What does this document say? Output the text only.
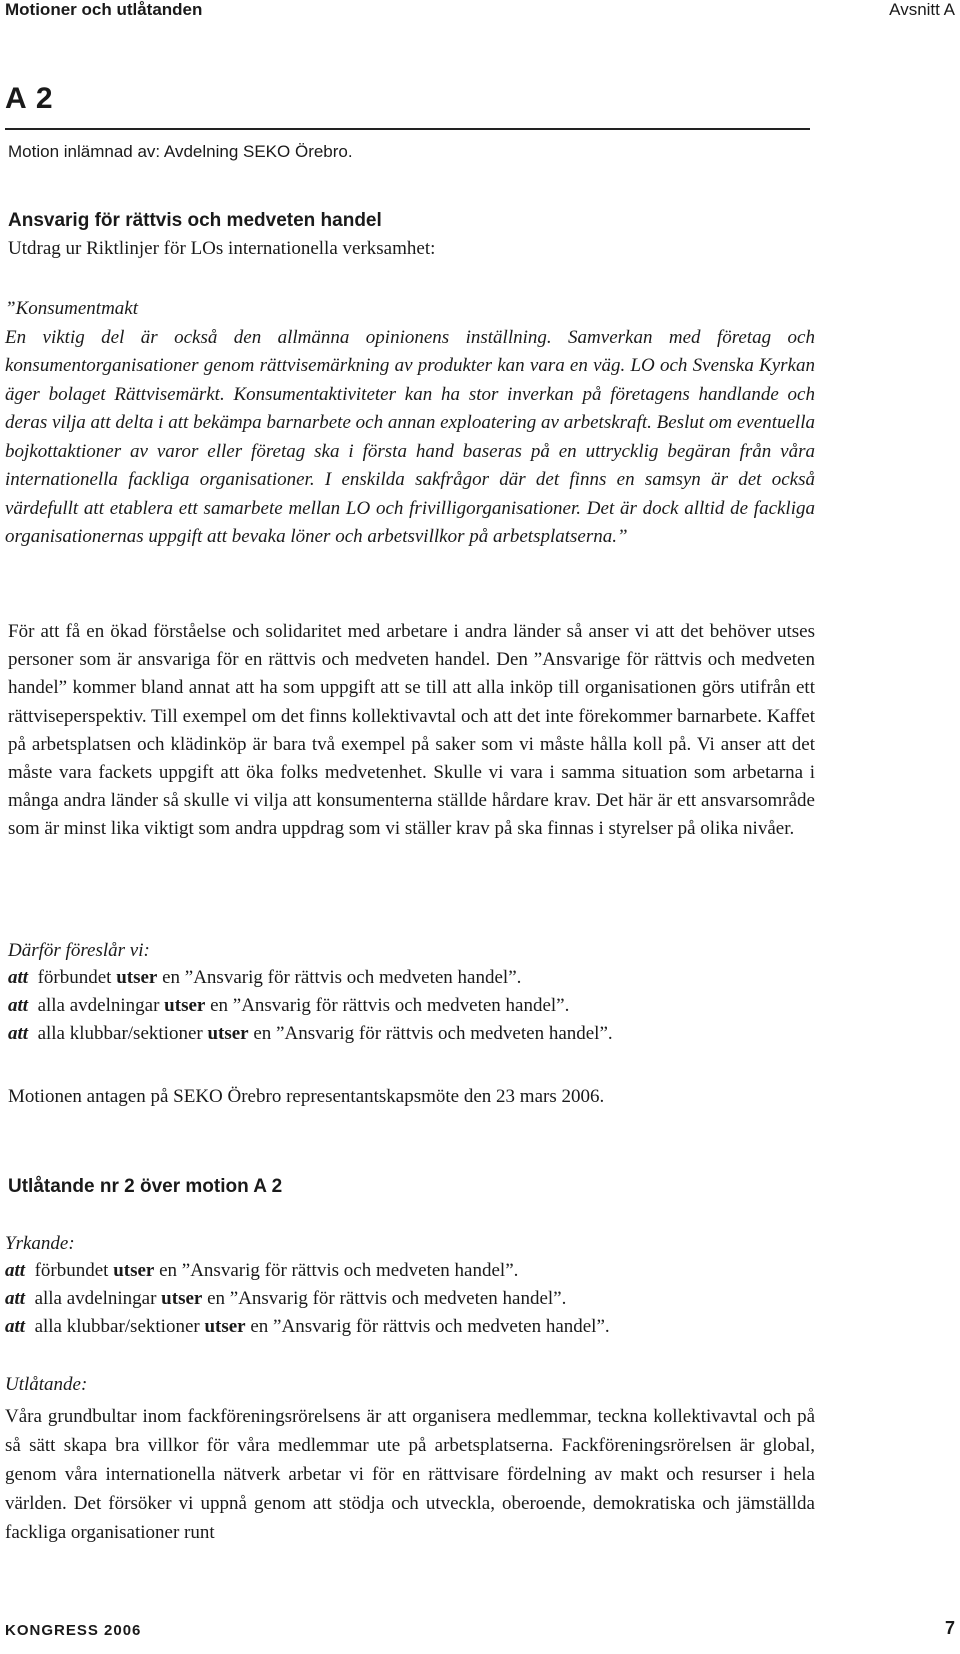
Motioner och utlåtanden	Avsnitt A
A 2
Motion inlämnad av: Avdelning SEKO Örebro.
Ansvarig för rättvis och medveten handel
Utdrag ur Riktlinjer för LOs internationella verksamhet:

”Konsumentmakt

En viktig del är också den allmänna opinionens inställning. Samverkan med företag och konsumentorganisationer genom rättvisemärkning av produkter kan vara en väg. LO och Svenska Kyrkan äger bolaget Rättvisemärkt. Konsumentaktiviteter kan ha stor inverkan på företagens handlande och deras vilja att delta i att bekämpa barnarbete och annan exploatering av arbetskraft. Beslut om eventuella bojkottaktioner av varor eller företag ska i första hand baseras på en uttrycklig begäran från våra internationella fackliga organisationer. I enskilda sakfrågor där det finns en samsyn är det också värdefullt att etablera ett samarbete mellan LO och frivilligorganisationer. Det är dock alltid de fackliga organisationernas uppgift att bevaka löner och arbetsvillkor på arbetsplatserna.”

För att få en ökad förståelse och solidaritet med arbetare i andra länder så anser vi att det behöver utses personer som är ansvariga för en rättvis och medveten handel. Den ”Ansvarige för rättvis och medveten handel” kommer bland annat att ha som uppgift att se till att alla inköp till organisationen görs utifrån ett rättviseperspektiv. Till exempel om det finns kollektivavtal och att det inte förekommer barnarbete. Kaffet på arbetsplatsen och klädinköp är bara två exempel på saker som vi måste hålla koll på. Vi anser att det måste vara fackets uppgift att öka folks medvetenhet. Skulle vi vara i samma situation som arbetarna i många andra länder så skulle vi vilja att konsumenterna ställde hårdare krav. Det här är ett ansvarsområde som är minst lika viktigt som andra uppdrag som vi ställer krav på ska finnas i styrelser på olika nivåer.
Därför föreslår vi:
att förbundet utser en ”Ansvarig för rättvis och medveten handel”.
att alla avdelningar utser en ”Ansvarig för rättvis och medveten handel”.
att alla klubbar/sektioner utser en ”Ansvarig för rättvis och medveten handel”.
Motionen antagen på SEKO Örebro representantskapsmöte den 23 mars 2006.
Utlåtande nr 2 över motion A 2
Yrkande:
att förbundet utser en ”Ansvarig för rättvis och medveten handel”.
att alla avdelningar utser en ”Ansvarig för rättvis och medveten handel”.
att alla klubbar/sektioner utser en ”Ansvarig för rättvis och medveten handel”.
Utlåtande:
Våra grundbultar inom fackföreningsrörelsens är att organisera medlemmar, teckna kollektivavtal och på så sätt skapa bra villkor för våra medlemmar ute på arbetsplatserna. Fackföreningsrörelsen är global, genom våra internationella nätverk arbetar vi för en rättvisare fördelning av makt och resurser i hela världen. Det försöker vi uppnå genom att stödja och utveckla, oberoende, demokratiska och jämställda fackliga organisationer runt
KONGRESS 2006	7
